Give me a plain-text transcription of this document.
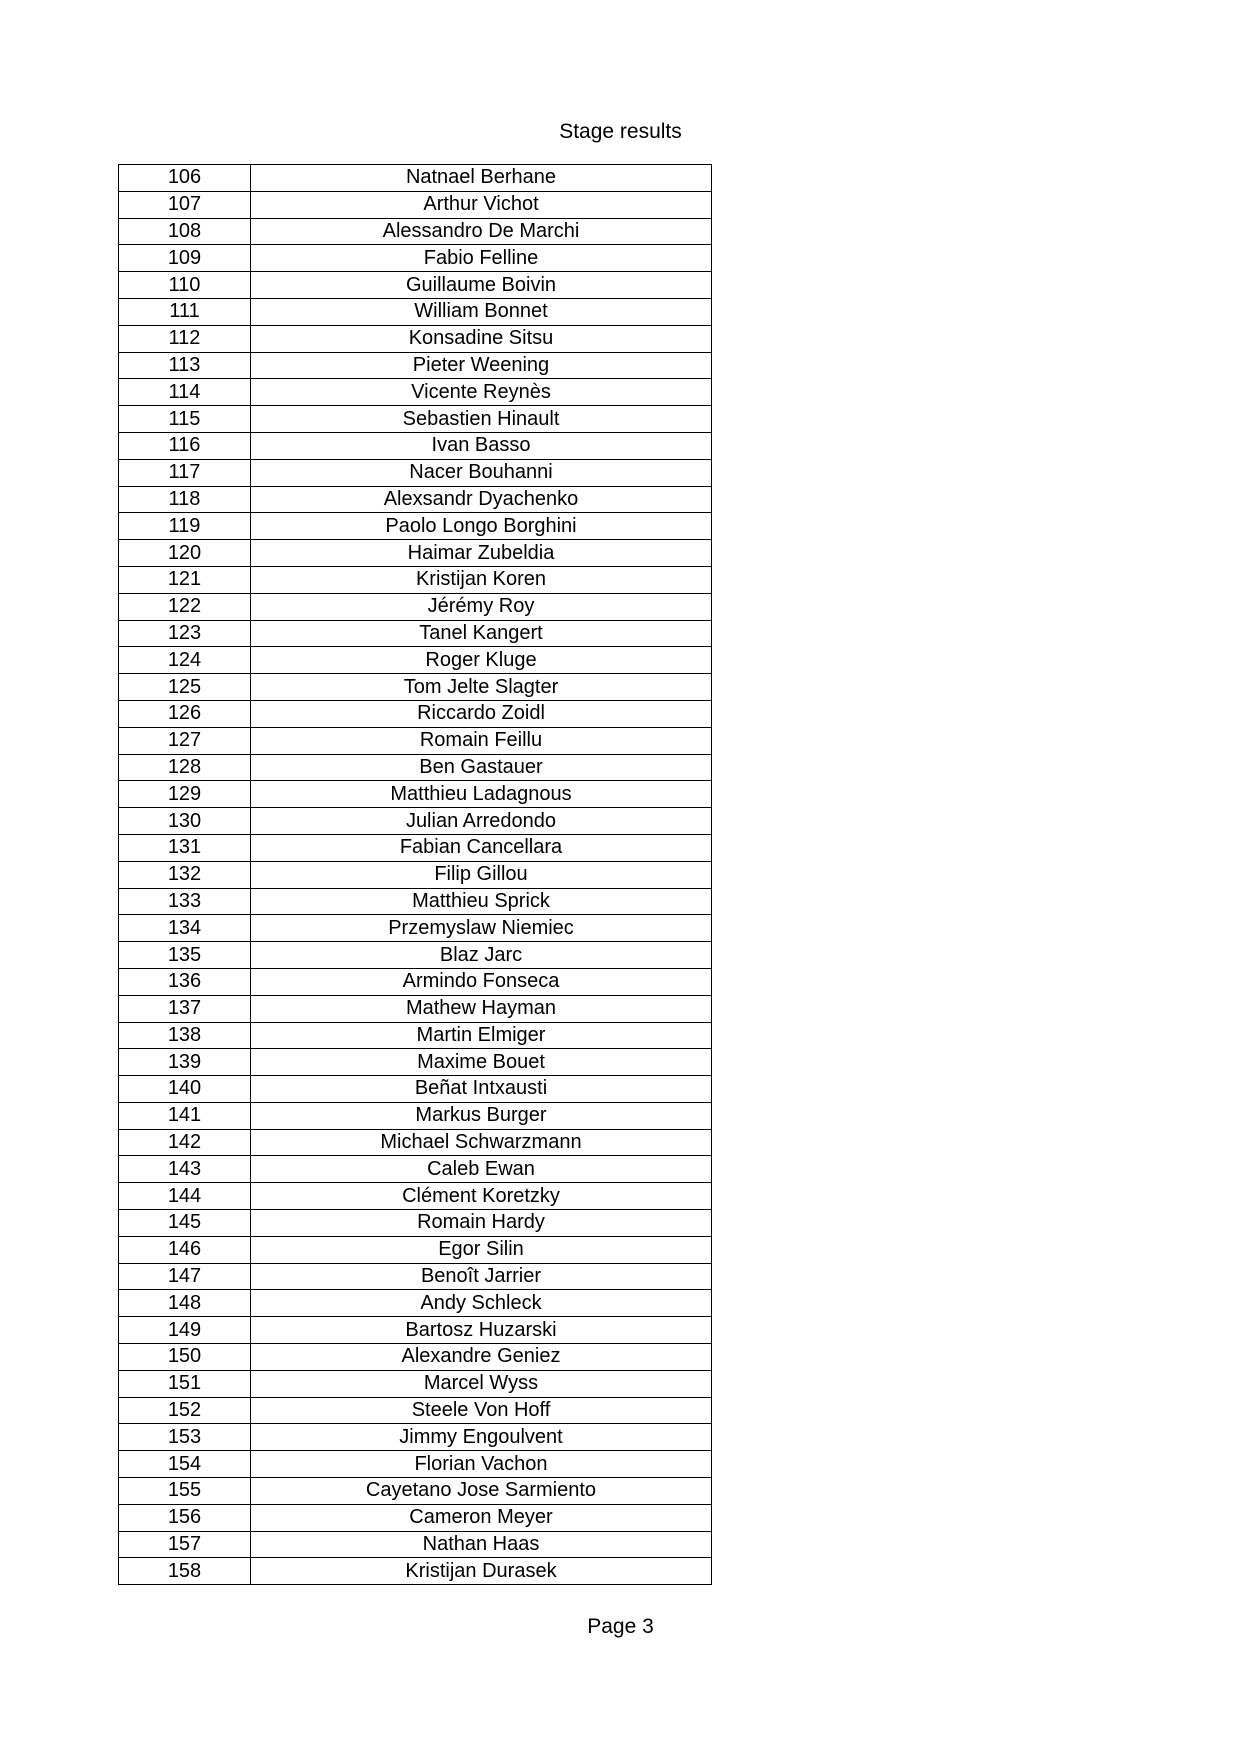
Stage results
106	Natnael Berhane
107	Arthur Vichot
108	Alessandro De Marchi
109	Fabio Felline
110	Guillaume Boivin
111	William Bonnet
112	Konsadine Sitsu
113	Pieter Weening
114	Vicente Reynès
115	Sebastien Hinault
116	Ivan Basso
117	Nacer Bouhanni
118	Alexsandr Dyachenko
119	Paolo Longo Borghini
120	Haimar Zubeldia
121	Kristijan Koren
122	Jérémy Roy
123	Tanel Kangert
124	Roger Kluge
125	Tom Jelte Slagter
126	Riccardo Zoidl
127	Romain Feillu
128	Ben Gastauer
129	Matthieu Ladagnous
130	Julian Arredondo
131	Fabian Cancellara
132	Filip Gillou
133	Matthieu Sprick
134	Przemyslaw Niemiec
135	Blaz Jarc
136	Armindo Fonseca
137	Mathew Hayman
138	Martin Elmiger
139	Maxime Bouet
140	Beñat Intxausti
141	Markus Burger
142	Michael Schwarzmann
143	Caleb Ewan
144	Clément Koretzky
145	Romain Hardy
146	Egor Silin
147	Benoît Jarrier
148	Andy Schleck
149	Bartosz Huzarski
150	Alexandre Geniez
151	Marcel Wyss
152	Steele Von Hoff
153	Jimmy Engoulvent
154	Florian Vachon
155	Cayetano Jose Sarmiento
156	Cameron Meyer
157	Nathan Haas
158	Kristijan Durasek
Page 3
